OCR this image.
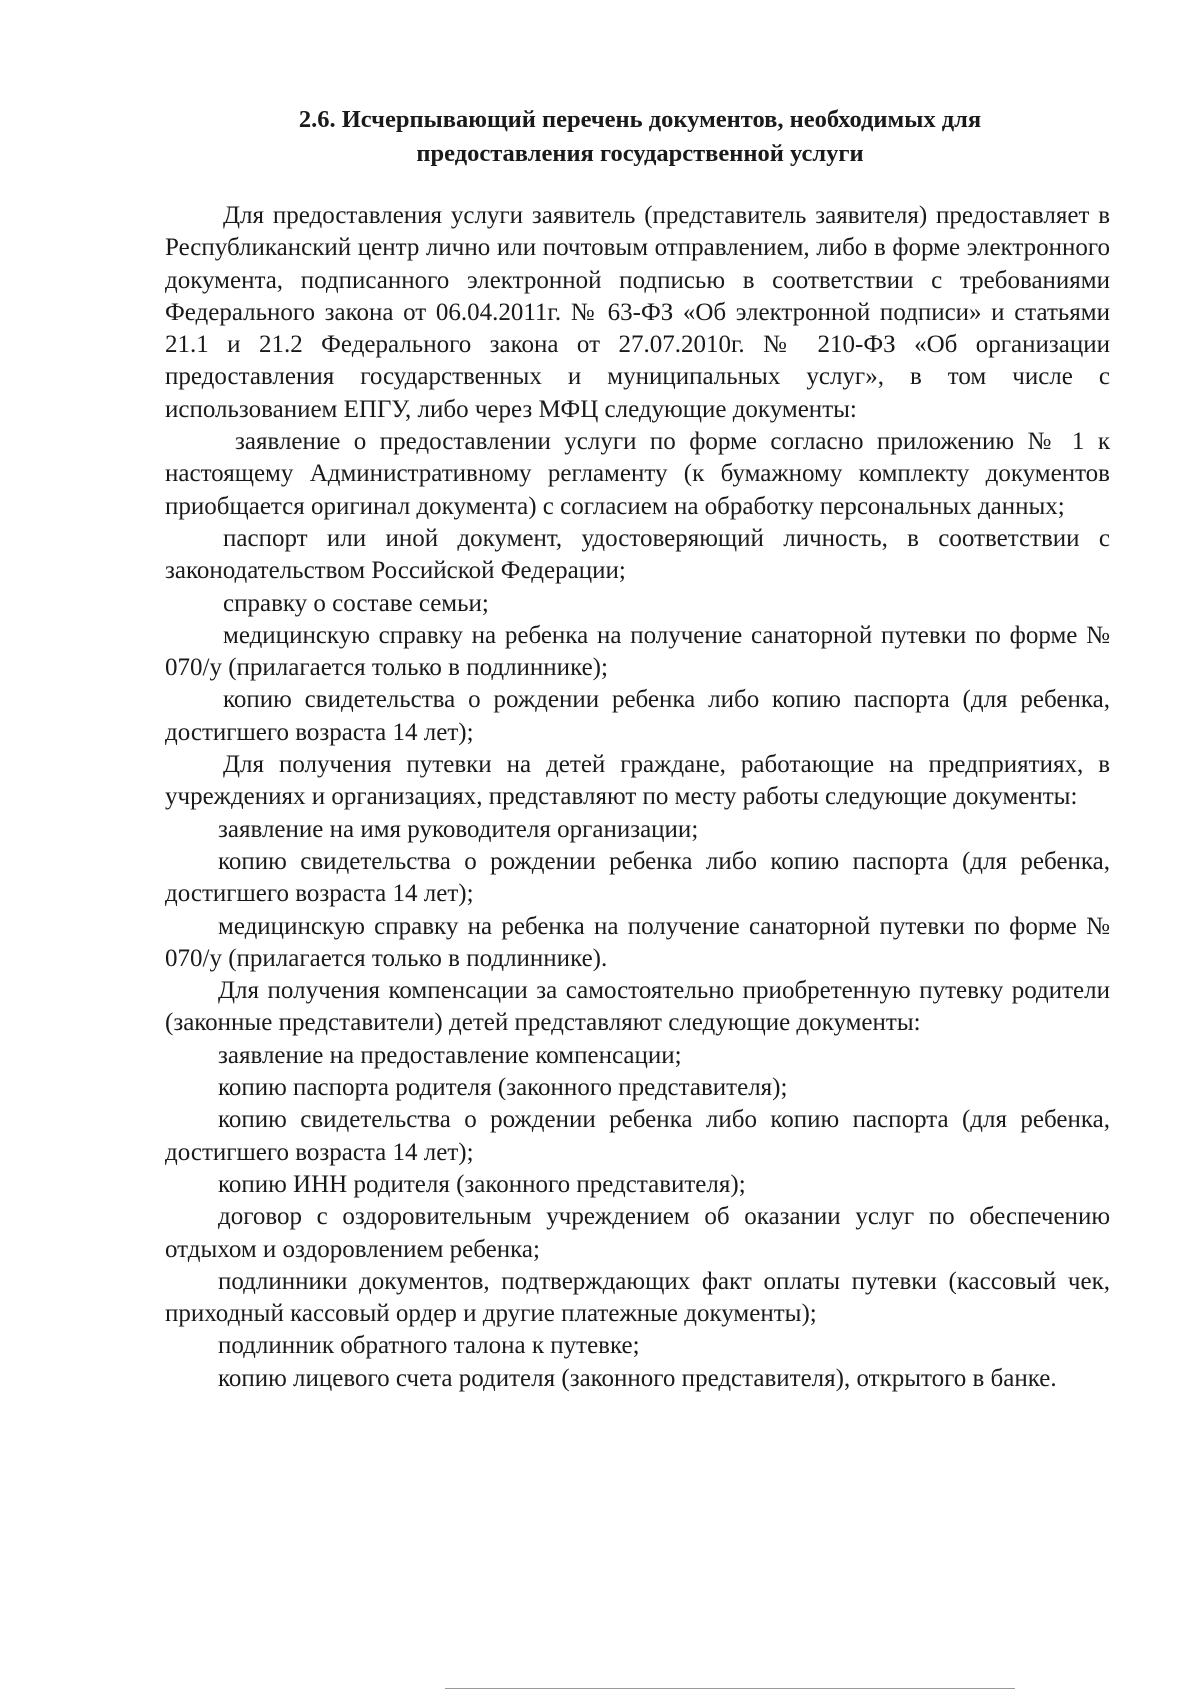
2.6. Исчерпывающий перечень документов, необходимых для
предоставления государственной услуги

Для предоставления услуги заявитель (представитель заявителя) предоставляет в Республиканский центр лично или почтовым отправлением, либо в форме электронного документа, подписанного электронной подписью в соответствии с требованиями Федерального закона от 06.04.2011г. № 63-ФЗ «Об электронной подписи» и статьями 21.1 и 21.2 Федерального закона от 27.07.2010г. № 210-ФЗ «Об организации предоставления государственных и муниципальных услуг», в том числе с использованием ЕПГУ, либо через МФЦ следующие документы:

заявление о предоставлении услуги по форме согласно приложению № 1 к настоящему Административному регламенту (к бумажному комплекту документов приобщается оригинал документа) с согласием на обработку персональных данных;

паспорт или иной документ, удостоверяющий личность, в соответствии с законодательством Российской Федерации;

справку о составе семьи;

медицинскую справку на ребенка на получение санаторной путевки по форме № 070/у (прилагается только в подлиннике);

копию свидетельства о рождении ребенка либо копию паспорта (для ребенка, достигшего возраста 14 лет);

Для получения путевки на детей граждане, работающие на предприятиях, в учреждениях и организациях, представляют по месту работы следующие документы:

заявление на имя руководителя организации;

копию свидетельства о рождении ребенка либо копию паспорта (для ребенка, достигшего возраста 14 лет);

медицинскую справку на ребенка на получение санаторной путевки по форме № 070/у (прилагается только в подлиннике).

Для получения компенсации за самостоятельно приобретенную путевку родители (законные представители) детей представляют следующие документы:

заявление на предоставление компенсации;

копию паспорта родителя (законного представителя);

копию свидетельства о рождении ребенка либо копию паспорта (для ребенка, достигшего возраста 14 лет);

копию ИНН родителя (законного представителя);

договор с оздоровительным учреждением об оказании услуг по обеспечению отдыхом и оздоровлением ребенка;

подлинники документов, подтверждающих факт оплаты путевки (кассовый чек, приходный кассовый ордер и другие платежные документы);

подлинник обратного талона к путевке;

копию лицевого счета родителя (законного представителя), открытого в банке.
